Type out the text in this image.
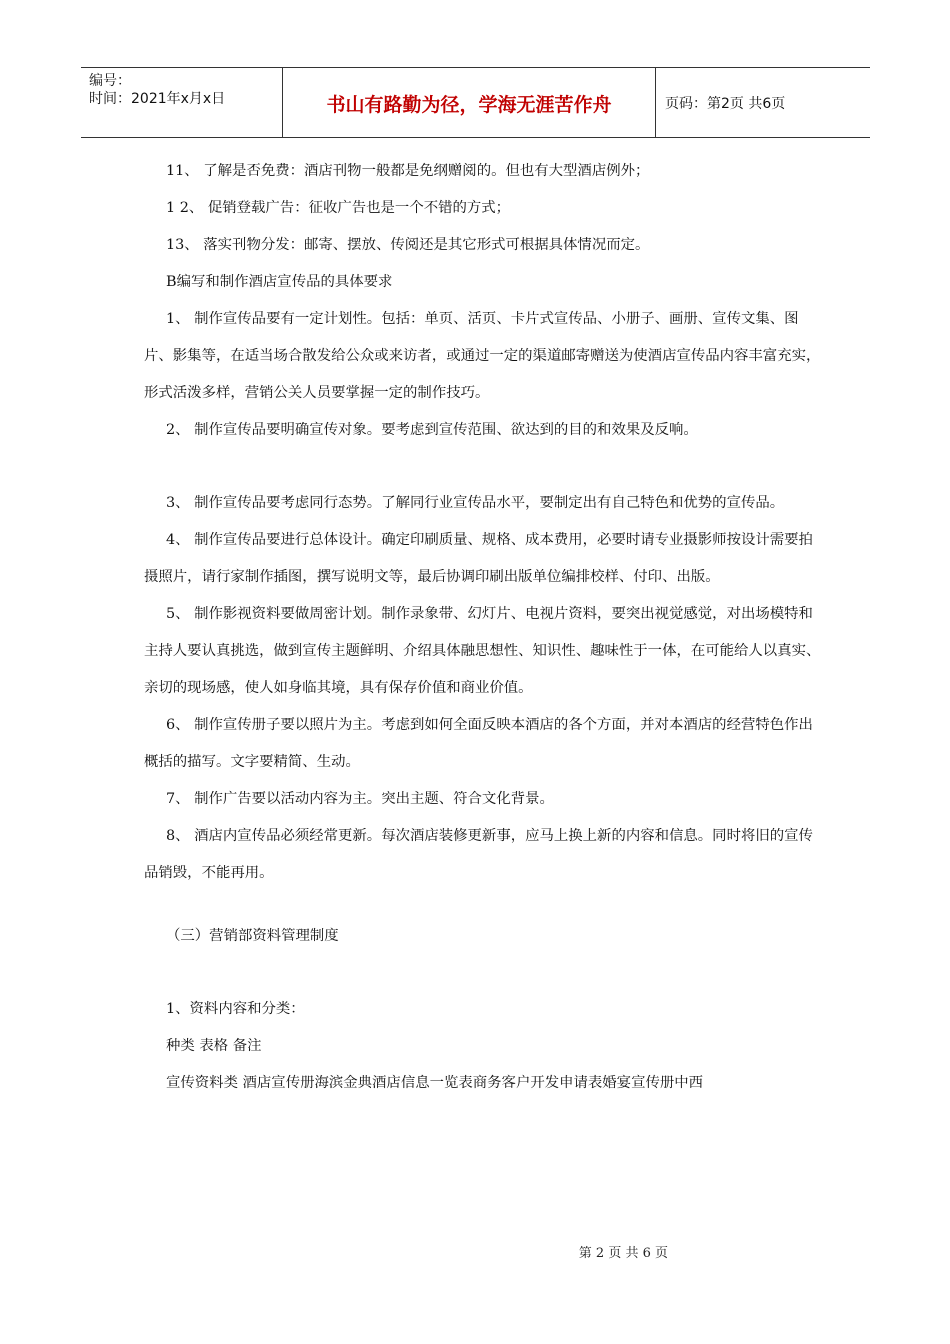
编号：
时间：2021年x月x日	书山有路勤为径，学海无涯苦作舟	页码：第2页 共6页

11、 了解是否免费：酒店刊物一般都是免纲赠阅的。但也有大型酒店例外；

1 2、 促销登载广告：征收广告也是一个不错的方式；

13、 落实刊物分发：邮寄、摆放、传阅还是其它形式可根据具体情况而定。

B编写和制作酒店宣传品的具体要求

1、 制作宣传品要有一定计划性。包括：单页、活页、卡片式宣传品、小册子、画册、宣传文集、图片、影集等，在适当场合散发给公众或来访者，或通过一定的渠道邮寄赠送为使酒店宣传品内容丰富充实，形式活泼多样，营销公关人员要掌握一定的制作技巧。

2、 制作宣传品要明确宣传对象。要考虑到宣传范围、欲达到的目的和效果及反响。

3、 制作宣传品要考虑同行态势。了解同行业宣传品水平，要制定出有自己特色和优势的宣传品。

4、 制作宣传品要进行总体设计。确定印刷质量、规格、成本费用，必要时请专业摄影师按设计需要拍摄照片，请行家制作插图，撰写说明文等，最后协调印刷出版单位编排校样、付印、出版。

5、 制作影视资料要做周密计划。制作录象带、幻灯片、电视片资料，要突出视觉感觉，对出场模特和主持人要认真挑选，做到宣传主题鲜明、介绍具体融思想性、知识性、趣味性于一体，在可能给人以真实、亲切的现场感，使人如身临其境，具有保存价值和商业价值。

6、 制作宣传册子要以照片为主。考虑到如何全面反映本酒店的各个方面，并对本酒店的经营特色作出概括的描写。文字要精简、生动。

7、 制作广告要以活动内容为主。突出主题、符合文化背景。

8、 酒店内宣传品必须经常更新。每次酒店装修更新事，应马上换上新的内容和信息。同时将旧的宣传品销毁，不能再用。

（三）营销部资料管理制度

1、资料内容和分类：

种类 表格 备注

宣传资料类 酒店宣传册海滨金典酒店信息一览表商务客户开发申请表婚宴宣传册中西

第 2 页 共 6 页
